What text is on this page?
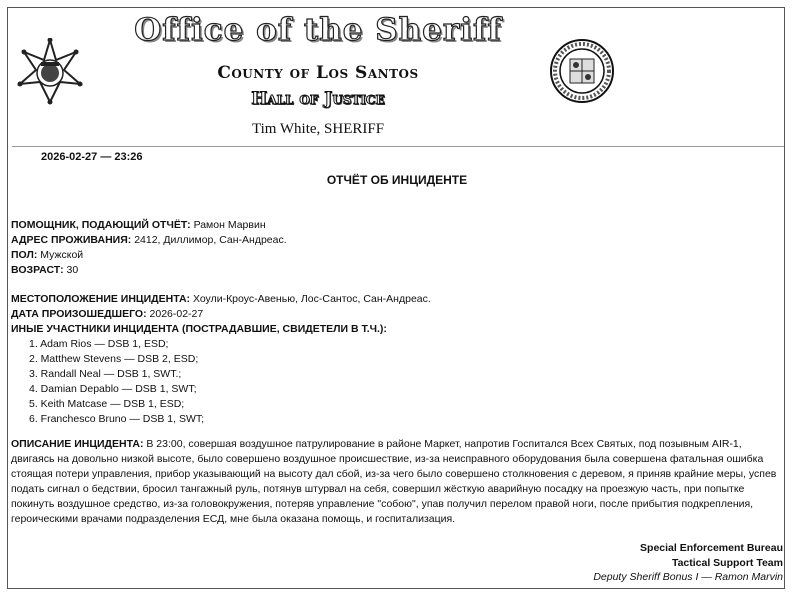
Office of the Sheriff
County of Los Santos
Hall of Justice
Tim White, SHERIFF
2026-02-27 — 23:26
ОТЧЁТ ОБ ИНЦИДЕНТЕ
ПОМОЩНИК, ПОДАЮЩИЙ ОТЧЁТ: Рамон Марвин
АДРЕС ПРОЖИВАНИЯ: 2412, Диллимор, Сан-Андреас.
ПОЛ: Мужской
ВОЗРАСТ: 30
МЕСТОПОЛОЖЕНИЕ ИНЦИДЕНТА: Хоули-Кроус-Авенью, Лос-Сантос, Сан-Андреас.
ДАТА ПРОИЗОШЕДШЕГО: 2026-02-27
ИНЫЕ УЧАСТНИКИ ИНЦИДЕНТА (ПОСТРАДАВШИЕ, СВИДЕТЕЛИ В Т.Ч.):
1. Adam Rios — DSB 1, ESD;
2. Matthew Stevens — DSB 2, ESD;
3. Randall Neal — DSB 1, SWT.;
4. Damian Depablo — DSB 1, SWT;
5. Keith Matcase — DSB 1, ESD;
6. Franchesco Bruno — DSB 1, SWT;
ОПИСАНИЕ ИНЦИДЕНТА: В 23:00, совершая воздушное патрулирование в районе Маркет, напротив Госпитался Всех Святых, под позывным AIR-1, двигаясь на довольно низкой высоте, было совершено воздушное происшествие, из-за неисправного оборудования была совершена фатальная ошибка стоящая потери управления, прибор указывающий на высоту дал сбой, из-за чего было совершено столкновения с деревом, я приняв крайние меры, успев подать сигнал о бедствии, бросил тангажный руль, потянув штурвал на себя, совершил жёсткую аварийную посадку на проезжую часть, при попытке покинуть воздушное средство, из-за головокружения, потеряв управление "собою", упав получил перелом правой ноги, после прибытия подкрепления, героическими врачами подразделения ЕСД, мне была оказана помощь, и госпитализация.
Special Enforcement Bureau
Tactical Support Team
Deputy Sheriff Bonus I — Ramon Marvin
